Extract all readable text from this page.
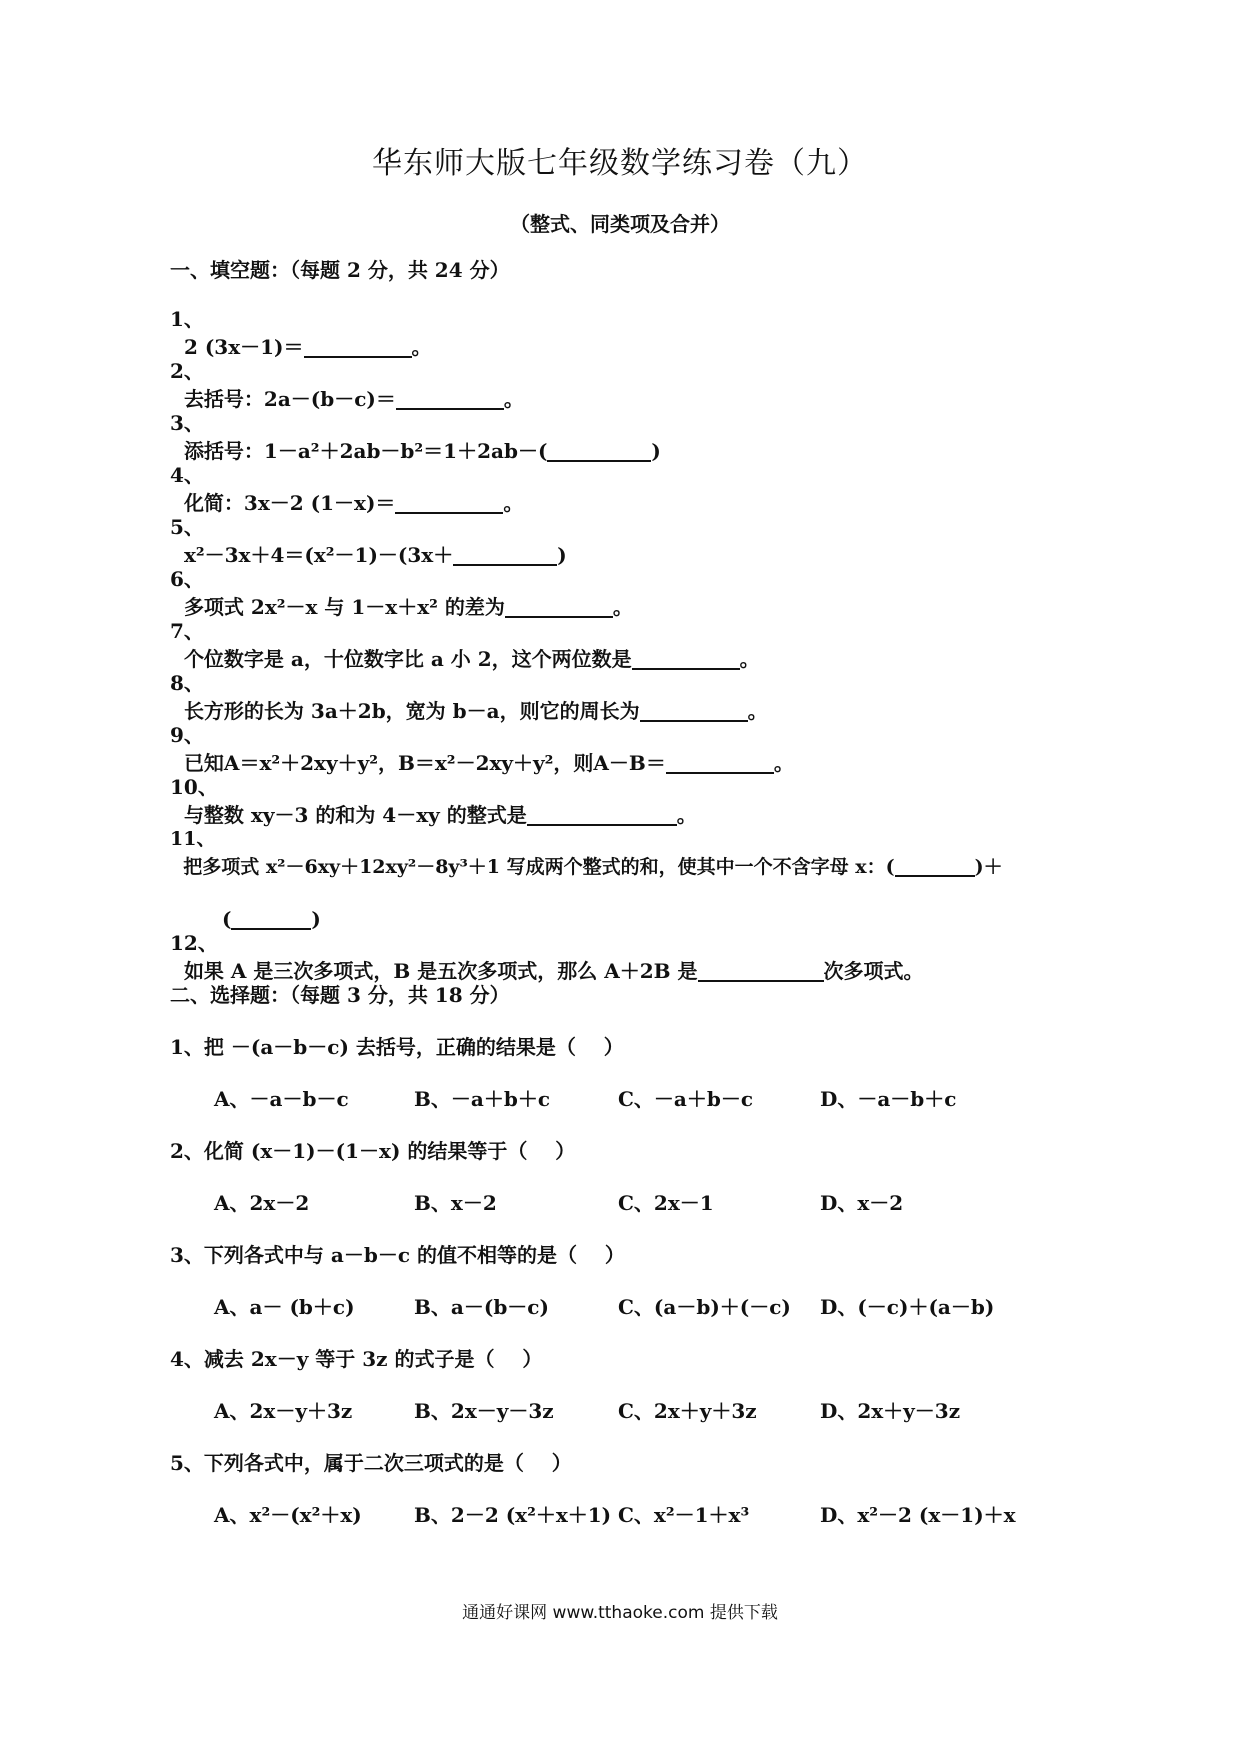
华东师大版七年级数学练习卷（九）
（整式、同类项及合并）
一、填空题：（每题 2 分，共 24 分）
1、
2 (3x－1)＝	。

2、
去括号：2a－(b－c)＝	。

3、
添括号：1－a²＋2ab－b²＝1＋2ab－(	)

4、
化简：3x－2 (1－x)＝	。

5、
x²－3x＋4＝(x²－1)－(3x＋	)

6、
多项式 2x²－x 与 1－x＋x² 的差为	。

7、
个位数字是 a，十位数字比 a 小 2，这个两位数是	。

8、
长方形的长为 3a＋2b，宽为 b－a，则它的周长为	。

9、
已知A＝x²＋2xy＋y²，B＝x²－2xy＋y²，则A－B＝	。

10、
与整数 xy－3 的和为 4－xy 的整式是	。

11、
把多项式 x²－6xy＋12xy²－8y³＋1 写成两个整式的和，使其中一个不含字母 x：(	)＋

(	)

12、
如果 A 是三次多项式，B 是五次多项式，那么 A＋2B 是	次多项式。

二、选择题：（每题 3 分，共 18 分）
1、把 －(a－b－c) 去括号，正确的结果是（    ）

A、－a－b－c

	B、－a＋b＋c

	C、－a＋b－c

	D、－a－b＋c

2、化简 (x－1)－(1－x) 的结果等于（    ）

A、2x－2

	B、x－2

	C、2x－1

	D、x－2

3、下列各式中与 a－b－c 的值不相等的是（    ）

A、a－ (b＋c)

	B、a－(b－c)

	C、(a－b)＋(－c)

D、(－c)＋(a－b)

4、减去 2x－y 等于 3z 的式子是（    ）

A、2x－y＋3z

	B、2x－y－3z

	C、2x＋y＋3z

	D、2x＋y－3z

5、下列各式中，属于二次三项式的是（    ）

A、x²－(x²＋x)

	B、2－2 (x²＋x＋1)

C、x²－1＋x³

	D、x²－2 (x－1)＋x

通通好课网 www.tthaoke.com 提供下载
